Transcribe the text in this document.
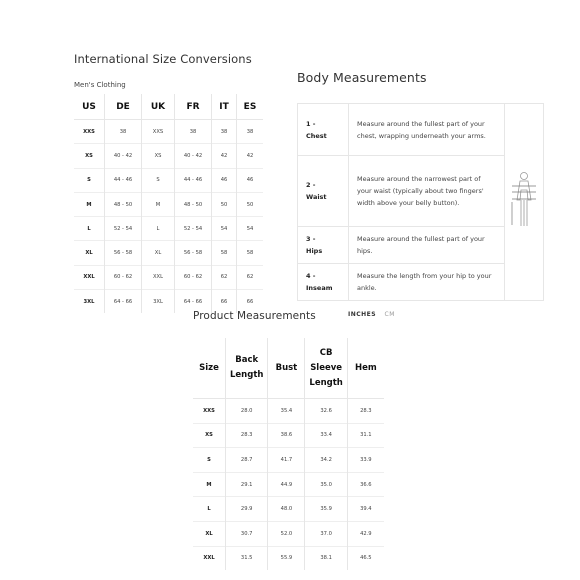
International Size Conversions
Men's Clothing
US	DE	UK	FR	IT	ES
XXS	38	XXS	38	38	38
XS	40 - 42	XS	40 - 42	42	42
S	44 - 46	S	44 - 46	46	46
M	48 - 50	M	48 - 50	50	50
L	52 - 54	L	52 - 54	54	54
XL	56 - 58	XL	56 - 58	58	58
XXL	60 - 62	XXL	60 - 62	62	62
3XL	64 - 66	3XL	64 - 66	66	66
Body Measurements
1 -
Chest	Measure around the fullest part of your chest, wrapping underneath your arms.	

2 -
Waist	Measure around the narrowest part of your waist (typically about two fingers' width above your belly button).	

3 -
Hips	Measure around the fullest part of your hips.	

4 -
Inseam	Measure the length from your hip to your ankle.	
Product Measurements	INCHES CM
Size	Back Length	Bust	CB Sleeve Length	Hem
XXS	28.0	35.4	32.6	28.3
XS	28.3	38.6	33.4	31.1
S	28.7	41.7	34.2	33.9
M	29.1	44.9	35.0	36.6
L	29.9	48.0	35.9	39.4
XL	30.7	52.0	37.0	42.9
XXL	31.5	55.9	38.1	46.5
